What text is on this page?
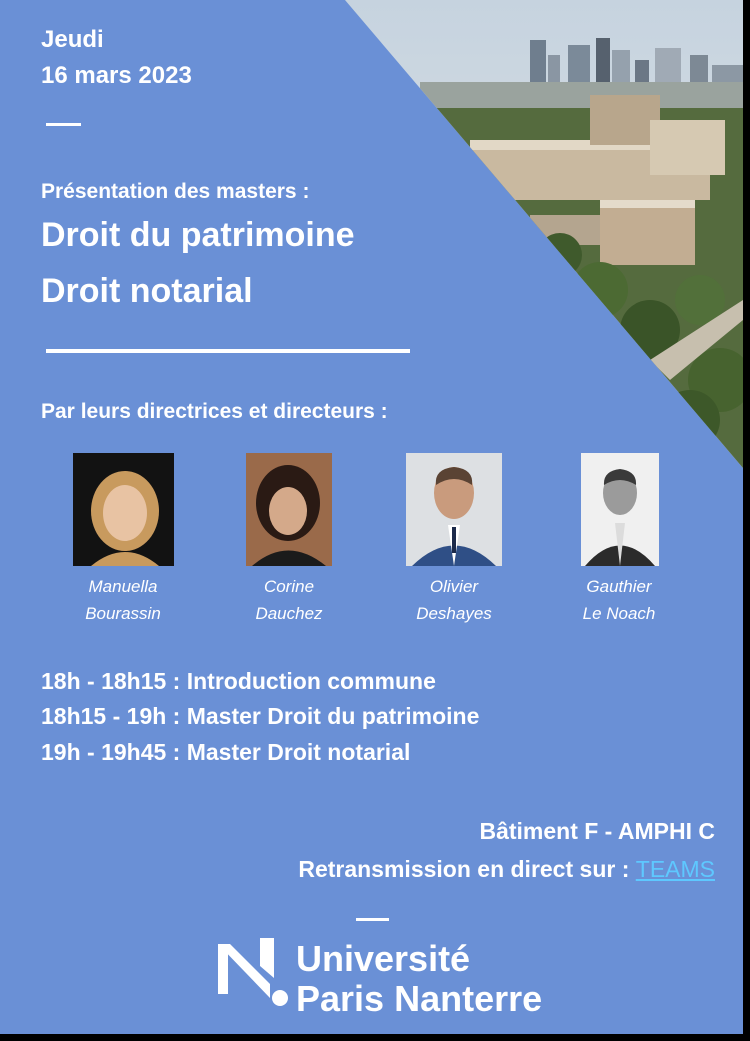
Jeudi
16 mars 2023
Présentation des masters :
Droit du patrimoine
Droit notarial
Par leurs directrices et directeurs :
Manuella
Bourassin
Corine
Dauchez
Olivier
Deshayes
Gauthier
Le Noach
18h - 18h15 : Introduction commune
18h15 - 19h : Master Droit du patrimoine
19h - 19h45 : Master Droit notarial
Bâtiment F - AMPHI C
Retransmission en direct sur : TEAMS
Université
Paris Nanterre
